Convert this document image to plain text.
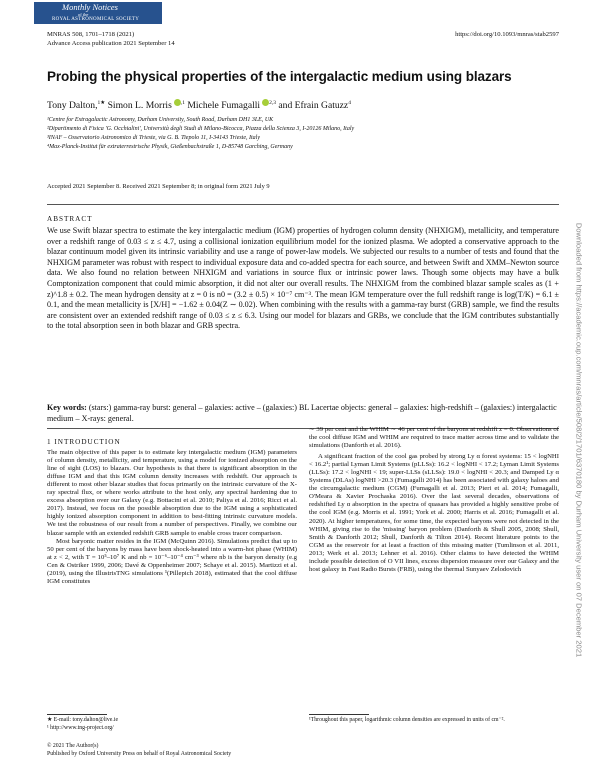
Monthly Notices
of the
ROYAL ASTRONOMICAL SOCIETY
MNRAS 508, 1701–1718 (2021)
Advance Access publication 2021 September 14
https://doi.org/10.1093/mnras/stab2597
Probing the physical properties of the intergalactic medium using blazars
Tony Dalton,$^{1★}$ Simon L. Morris $^{,1}$ Michele Fumagalli $^{2,3}$ and Efrain Gatuzz$^4$
¹Centre for Extragalactic Astronomy, Durham University, South Road, Durham DH1 3LE, UK
²Dipartimento di Fisica 'G. Occhialini', Università degli Studi di Milano-Bicocca, Piazza della Scienza 3, I-20126 Milano, Italy
³INAF – Osservatorio Astronomico di Trieste, via G. B. Tiepolo 11, I-34143 Trieste, Italy
⁴Max-Planck-Institut für extraterrestrische Physik, Gießenbachstraße 1, D-85748 Garching, Germany
Accepted 2021 September 8. Received 2021 September 8; in original form 2021 July 9
ABSTRACT

We use Swift blazar spectra to estimate the key intergalactic medium (IGM) properties of hydrogen column density (NHXIGM), metallicity, and temperature over a redshift range of 0.03 ≤ z ≤ 4.7, using a collisional ionization equilibrium model for the ionized plasma. We adopted a conservative approach to the blazar continuum model given its intrinsic variability and use a range of power-law models. We subjected our results to a number of tests and found that the NHXIGM parameter was robust with respect to individual exposure data and co-added spectra for each source, and between Swift and XMM–Newton source data. We also found no relation between NHXIGM and variations in source flux or intrinsic power laws. Though some objects may have a bulk Comptonization component that could mimic absorption, it did not alter our overall results. The NHXIGM from the combined blazar sample scales as (1 + z)^1.8 ± 0.2. The mean hydrogen density at z = 0 is n0 = (3.2 ± 0.5) × 10⁻⁷ cm⁻³. The mean IGM temperature over the full redshift range is log(T/K) = 6.1 ± 0.1, and the mean metallicity is [X/H] = −1.62 ± 0.04(Z ∼ 0.02). When combining with the results with a gamma-ray burst (GRB) sample, we find the results are consistent over an extended redshift range of 0.03 ≤ z ≤ 6.3. Using our model for blazars and GRBs, we conclude that the IGM contributes substantially to the total absorption seen in both blazar and GRB spectra.

Key words: (stars:) gamma-ray burst: general – galaxies: active – (galaxies:) BL Lacertae objects: general – galaxies: high-redshift – (galaxies:) intergalactic medium – X-rays: general.

1 INTRODUCTION

The main objective of this paper is to estimate key intergalactic medium (IGM) parameters of column density, metallicity, and temperature, using a model for ionized absorption on the line of sight (LOS) to blazars. Our hypothesis is that there is significant absorption in the diffuse IGM and that this IGM column density increases with redshift. Our approach is different to most other blazar studies that focus primarily on the intrinsic curvature of the X-ray spectral flux, or where works attribute to the host only, any spectral hardening due to excess absorption over our Galaxy (e.g. Bottacini et al. 2010; Paliya et al. 2016; Ricci et al. 2017). Instead, we focus on the possible absorption due to the IGM using a sophisticated highly ionized absorption component in addition to best-fitting intrinsic curvature models. We test the robustness of our result from a number of perspectives. Finally, we combine our blazar sample with an extended redshift GRB sample to enable cross tracer comparison.

Most baryonic matter resides in the IGM (McQuinn 2016). Simulations predict that up to 50 per cent of the baryons by mass have been shock-heated into a warm-hot phase (WHIM) at z < 2, with T = 10⁵–10⁷ K and nb = 10⁻⁶–10⁻⁴ cm⁻³ where nb is the baryon density (e.g Cen & Ostriker 1999, 2006; Davé & Oppenheimer 2007; Schaye et al. 2015). Martizzi et al. (2019), using the IllustrisTNG simulations ¹(Pillepich 2018), estimated that the cool diffuse IGM constitutes

∼ 39 per cent and the WHIM ∼ 46 per cent of the baryons at redshift z = 0. Observations of the cool diffuse IGM and WHIM are required to trace matter across time and to validate the simulations (Danforth et al. 2016).

A significant fraction of the cool gas probed by strong Ly α forest systems: 15 < logNHI < 16.2¹; partial Lyman Limit Systems (pLLSs): 16.2 < logNHI < 17.2; Lyman Limit Systems (LLSs): 17.2 < logNHI < 19; super-LLSs (sLLSs): 19.0 < logNHI < 20.3; and Damped Ly α Systems (DLAs) logNHI >20.3 (Fumagalli 2014) has been associated with galaxy haloes and the circumgalactic medium (CGM) (Fumagalli et al. 2013; Pieri et al. 2014; Fumagalli, O'Meara & Xavier Prochaska 2016). Over the last several decades, observations of redshifted Ly α absorption in the spectra of quasars has provided a highly sensitive probe of the cool IGM (e.g. Morris et al. 1991; York et al. 2000; Harris et al. 2016; Fumagalli et al. 2020). At higher temperatures, for some time, the expected baryons were not detected in the WHIM, giving rise to the 'missing' baryon problem (Danforth & Shull 2005, 2008; Shull, Smith & Danforth 2012; Shull, Danforth & Tilton 2014). Recent literature points to the CGM as the reservoir for at least a fraction of this missing matter (Tumlinson et al. 2011, 2013; Werk et al. 2013; Lehner et al. 2016). Other claims to have detected the WHIM include possible detection of O VII lines, excess dispersion measure over our Galaxy and the host galaxy in Fast Radio Bursts (FRB), using the thermal Sunyaev Zelodovich

★ E-mail: tony.dalton@live.ie
¹ http://www.tng-project.org/
¹Throughout this paper, logarithmic column densities are expressed in units of cm⁻².
© 2021 The Author(s)
Published by Oxford University Press on behalf of Royal Astronomical Society
Downloaded from https://academic.oup.com/mnras/article/508/2/1701/6370180 by Durham University user on 07 December 2021
